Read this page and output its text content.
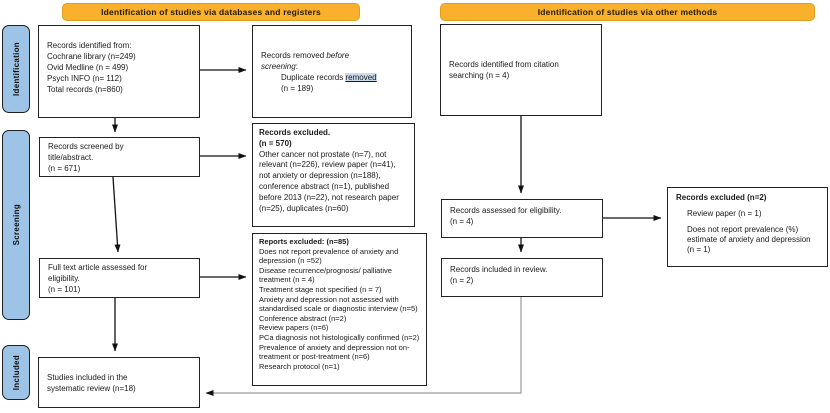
Identification of studies via databases and registers	Identification of studies via other methods
Identification
Screening
Included
Records identified from:
Cochrane library (n=249)
Ovid Medline (n = 499)
Psych INFO (n= 112)
Total records (n=860)
Records removed before
screening:
Duplicate records removed
(n = 189)
Records screened by
title/abstract.
(n = 671)
Records excluded.
(n = 570)
Other cancer not prostate (n=7), not relevant (n=226), review paper (n=41), not anxiety or depression (n=188), conference abstract (n=1), published before 2013 (n=22), not research paper (n=25), duplicates (n=60)
Full text article assessed for
eligibility.
(n = 101)
Reports excluded: (n=85)
Does not report prevalence of anxiety and depression (n =52)
Disease recurrence/prognosis/ palliative treatment (n = 4)
Treatment stage not specified (n = 7)
Anxiety and depression not assessed with standardised scale or diagnostic interview (n=5)
Conference abstract (n=2)
Review papers (n=6)
PCa diagnosis not histologically confirmed (n=2)
Prevalence of anxiety and depression not on-treatment or post-treatment (n=6)
Research protocol (n=1)
Studies included in the
systematic review (n=18)
Records identified from citation
searching (n = 4)
Records assessed for eligibility.
(n = 4)
Records included in review.
(n = 2)
Records excluded (n=2)
Review paper (n = 1)
Does not report prevalence (%) estimate of anxiety and depression (n = 1)
